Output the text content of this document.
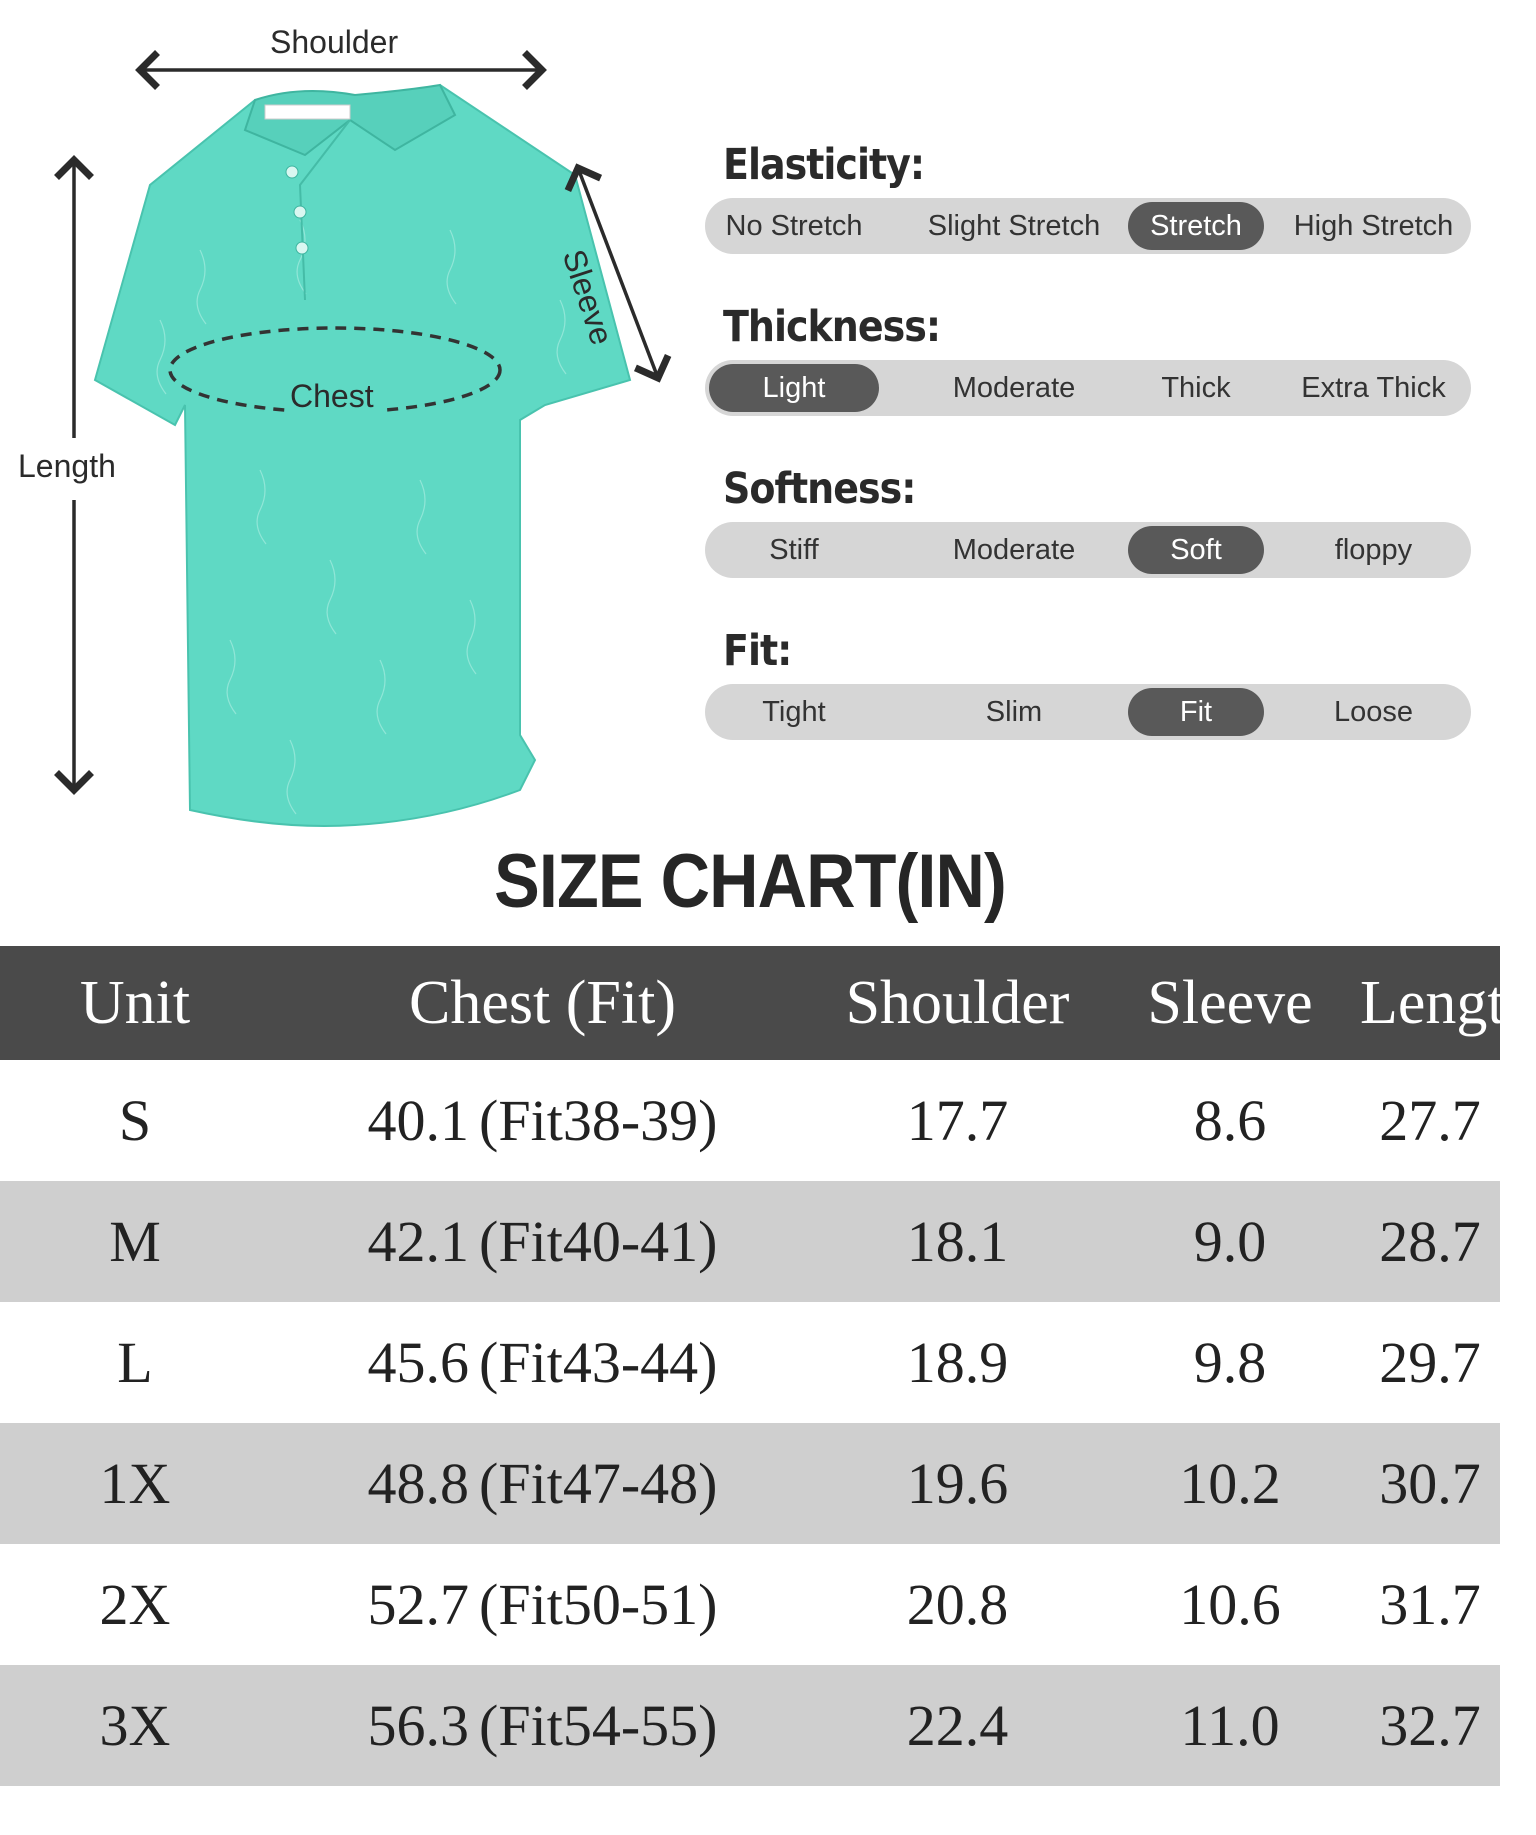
Shoulder
Length
Chest
Sleeve
Elasticity:
No Stretch	Slight Stretch	Stretch	High Stretch
Thickness:
Light	Moderate	Thick	Extra Thick
Softness:
Stiff	Moderate	Soft	floppy
Fit:
Tight	Slim	Fit	Loose
SIZE CHART(IN)
Unit	Chest (Fit)	Shoulder	Sleeve	Length
S	40.1 (Fit38-39)	17.7	8.6	27.7
M	42.1 (Fit40-41)	18.1	9.0	28.7
L	45.6 (Fit43-44)	18.9	9.8	29.7
1X	48.8 (Fit47-48)	19.6	10.2	30.7
2X	52.7 (Fit50-51)	20.8	10.6	31.7
3X	56.3 (Fit54-55)	22.4	11.0	32.7
